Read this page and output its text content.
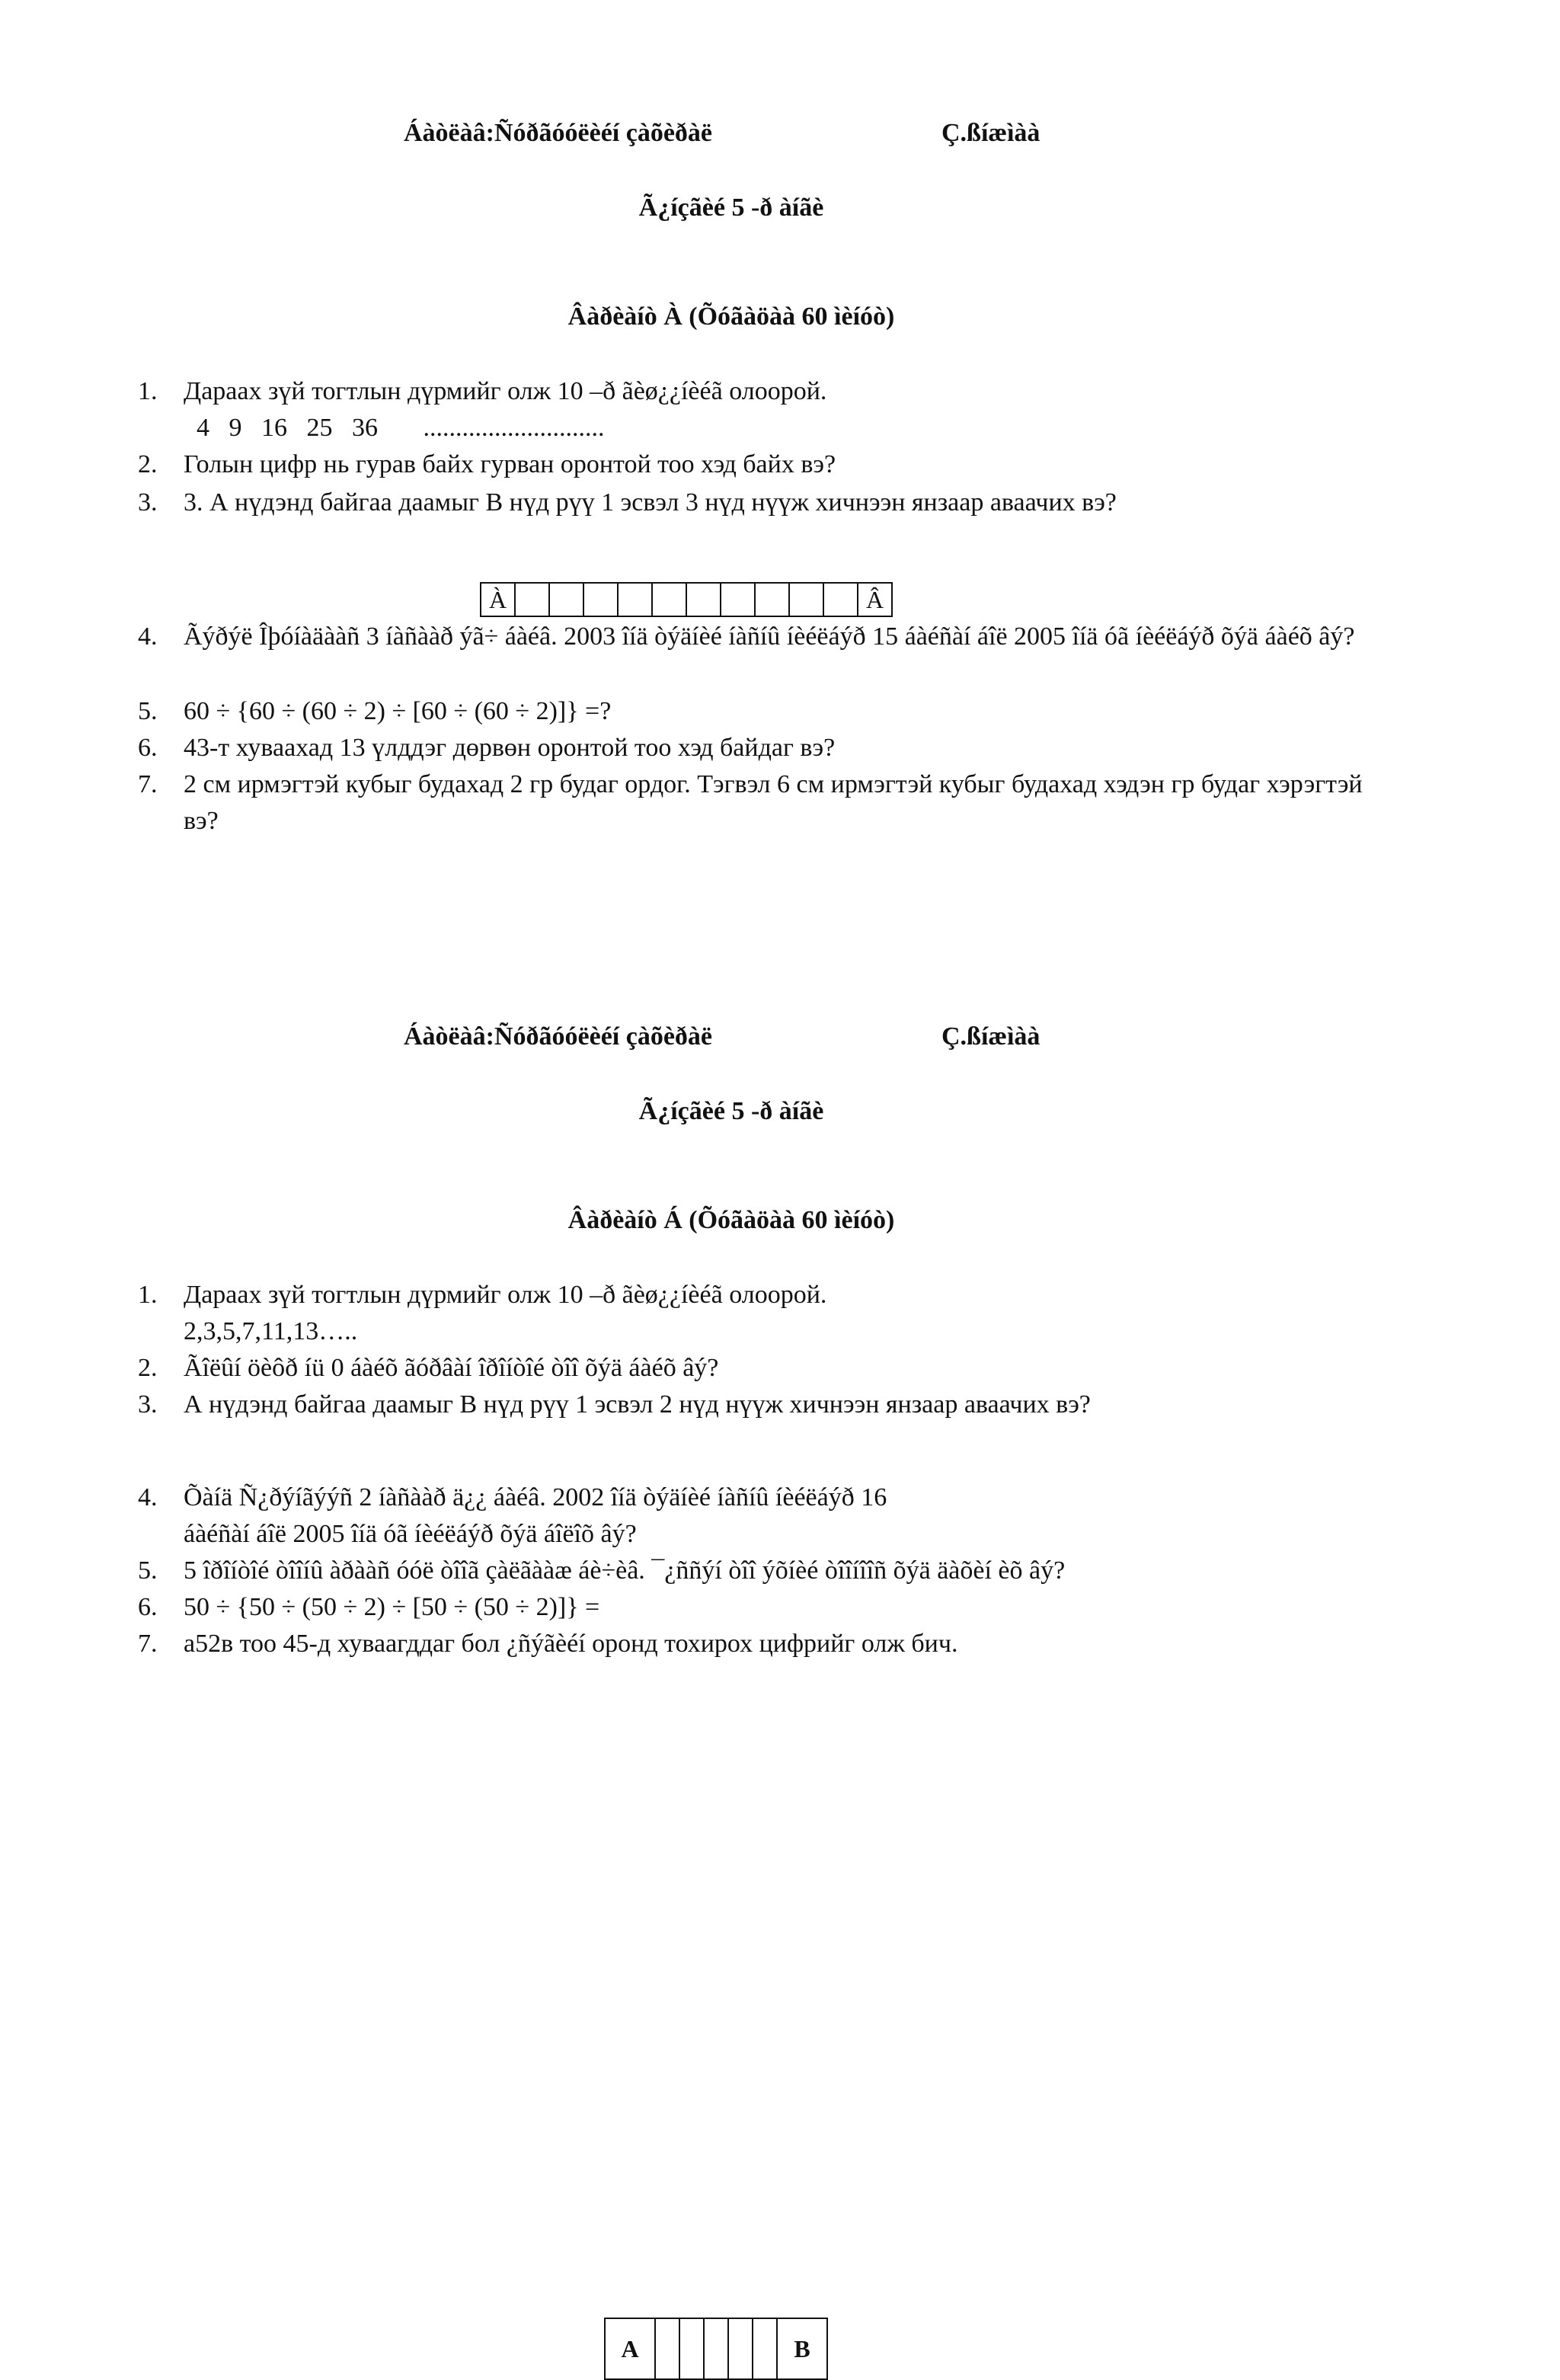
Áàòëàâ:Ñóðãóóëèéí çàõèðàë	Ç.ßíæìàà
Ã¿íçãèé 5 -ð àíãè
Âàðèàíò À (Õóãàöàà 60 ìèíóò)
1.	Дараах зүй тогтлын дүрмийг олж 10 –ð ãèø¿¿íèéã олоорой.
4   9   16   25   36       ............................
2.	Голын цифр нь гурав байх гурван оронтой тоо хэд байх вэ?
3.	3. А нүдэнд байгаа даамыг В нүд рүү 1 эсвэл 3 нүд нүүж хичнээн янзаар аваачих вэ?
À											Â
4.	Ãýðýë Îþóíàäààñ 3 íàñààð ýã÷ áàéâ. 2003 îíä òýäíèé íàñíû íèéëáýð 15 áàéñàí áîë 2005 îíä óã íèéëáýð õýä áàéõ âý?
5.	60 ÷ {60 ÷ (60 ÷ 2) ÷ [60 ÷ (60 ÷ 2)]} =?
6.	43-т хуваахад 13 үлддэг дөрвөн оронтой тоо хэд байдаг вэ?
7.	2 см ирмэгтэй кубыг будахад 2 гр будаг ордог. Тэгвэл 6 см ирмэгтэй кубыг будахад хэдэн гр будаг хэрэгтэй вэ?
Áàòëàâ:Ñóðãóóëèéí çàõèðàë	Ç.ßíæìàà
Ã¿íçãèé 5 -ð àíãè
Âàðèàíò Á (Õóãàöàà 60 ìèíóò)
1.	Дараах зүй тогтлын дүрмийг олж 10 –ð ãèø¿¿íèéã олоорой.
2,3,5,7,11,13…..
2.	Ãîëûí öèôð íü 0 áàéõ ãóðâàí îðîíòîé òîî õýä áàéõ âý?
3.	А нүдэнд байгаа даамыг В нүд рүү 1 эсвэл 2 нүд нүүж хичнээн янзаар аваачих вэ?
A						B
4.	Õàíä Ñ¿ðýíãýýñ 2 íàñààð ä¿¿ áàéâ. 2002 îíä òýäíèé íàñíû íèéëáýð 16
áàéñàí áîë 2005 îíä óã íèéëáýð õýä áîëîõ âý?
5.	5 îðîíòîé òîîíû àðààñ óóë òîîã çàëãààæ áè÷èâ. ¯¿ññýí òîî ýõíèé òîîíîîñ õýä äàõèí èõ âý?
6.	50 ÷ {50 ÷ (50 ÷ 2) ÷ [50 ÷ (50 ÷ 2)]} =
7.	а52в тоо 45-д хуваагддаг бол ¿ñýãèéí оронд тохирох цифрийг олж бич.
